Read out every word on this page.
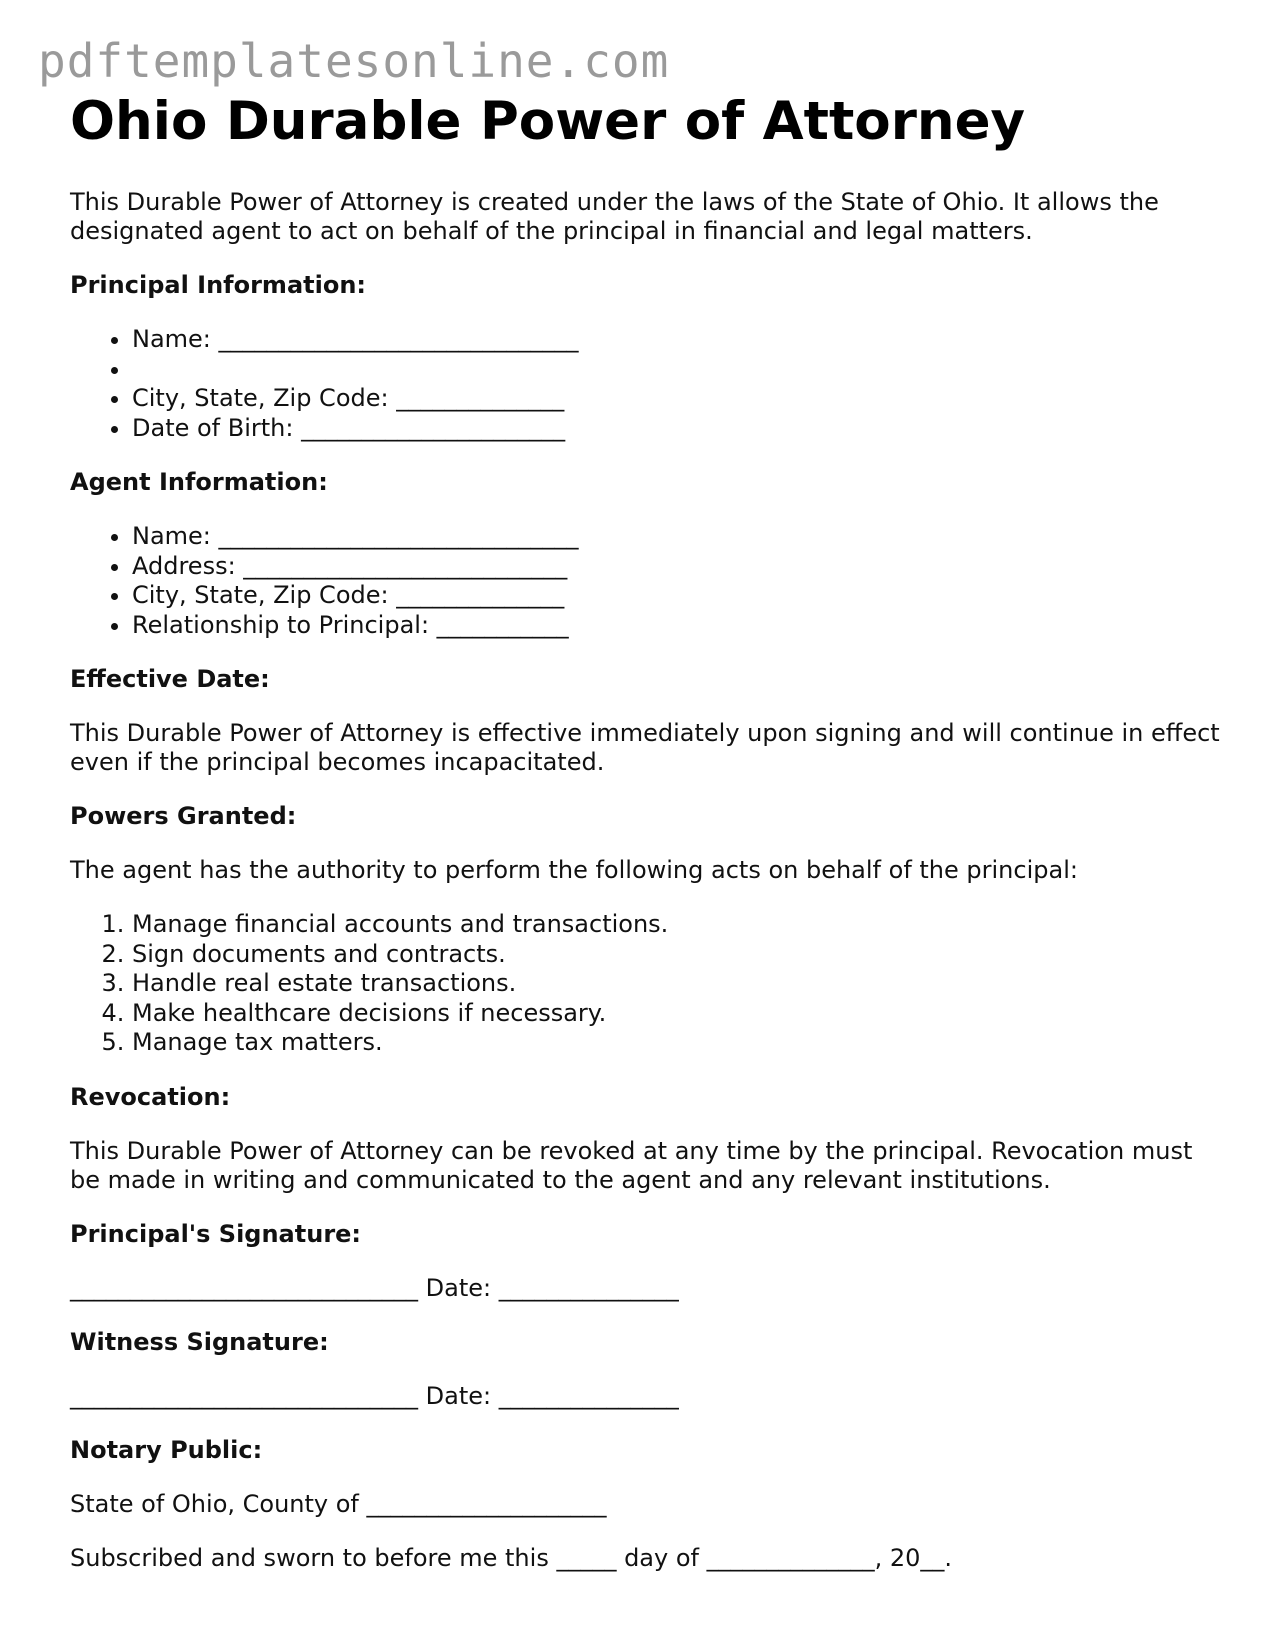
pdftemplatesonline.com
Ohio Durable Power of Attorney

This Durable Power of Attorney is created under the laws of the State of Ohio. It allows the designated agent to act on behalf of the principal in financial and legal matters.

Principal Information:
• Name: ______________________________
•
• City, State, Zip Code: ______________
• Date of Birth: ______________________
Agent Information:
• Name: ______________________________
• Address: ___________________________
• City, State, Zip Code: ______________
• Relationship to Principal: ___________
Effective Date:

This Durable Power of Attorney is effective immediately upon signing and will continue in effect even if the principal becomes incapacitated.

Powers Granted:

The agent has the authority to perform the following acts on behalf of the principal:

1. Manage financial accounts and transactions.
2. Sign documents and contracts.
3. Handle real estate transactions.
4. Make healthcare decisions if necessary.
5. Manage tax matters.
Revocation:

This Durable Power of Attorney can be revoked at any time by the principal. Revocation must be made in writing and communicated to the agent and any relevant institutions.

Principal's Signature:

_____________________________ Date: _______________

Witness Signature:

_____________________________ Date: _______________

Notary Public:

State of Ohio, County of ____________________

Subscribed and sworn to before me this _____ day of ______________, 20__.
